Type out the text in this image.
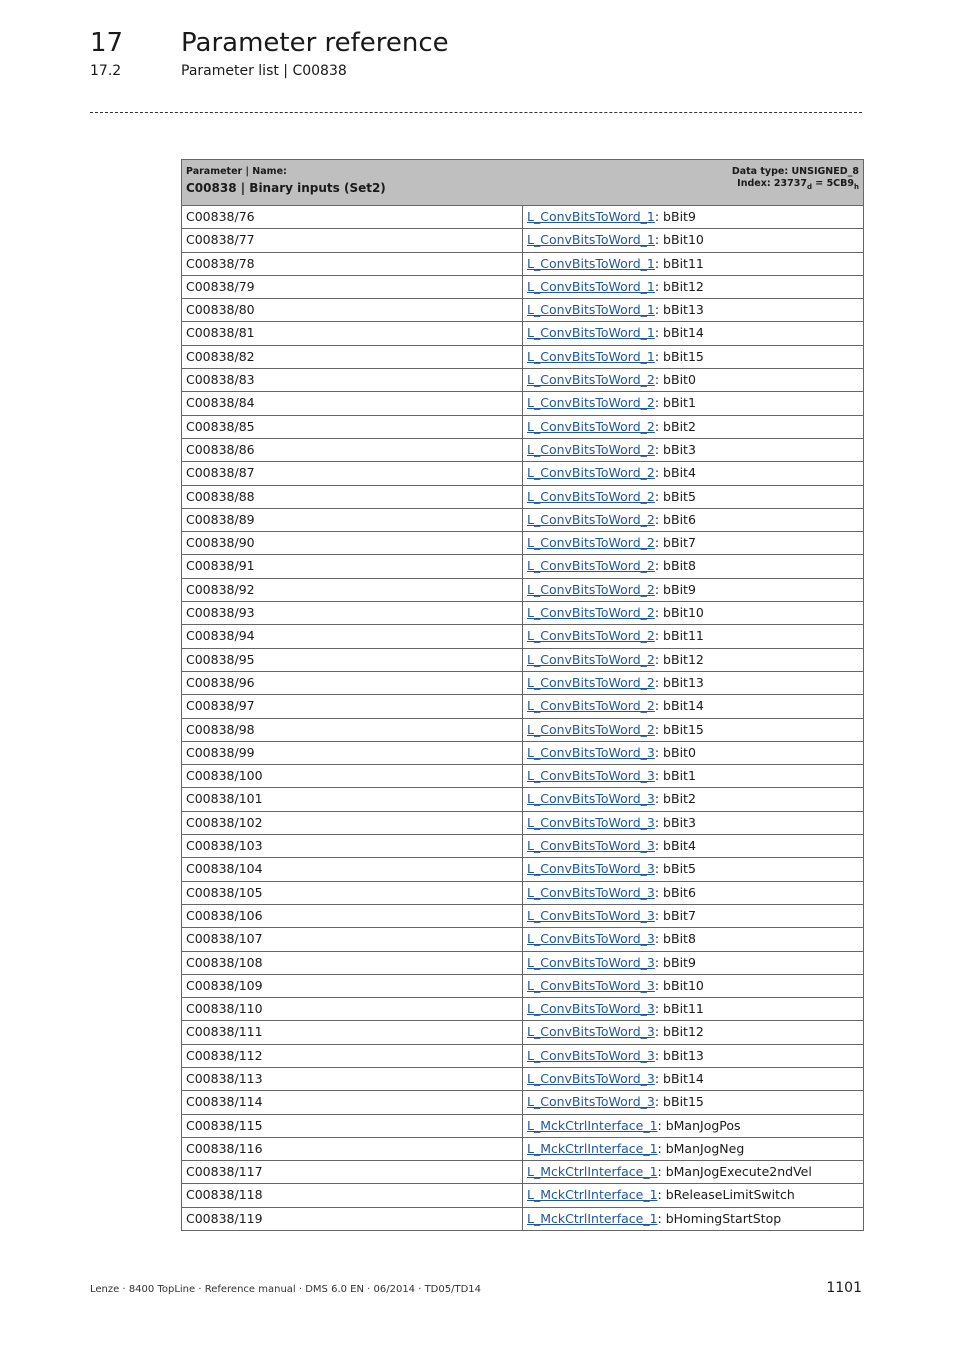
17 Parameter reference
17.2	Parameter list | C00838
Parameter | Name:
C00838 | Binary inputs (Set2)
Data type: UNSIGNED_8
Index: $23737_d = 5CB9_h$

C00838/76	L_ConvBitsToWord_1: bBit9
C00838/77	L_ConvBitsToWord_1: bBit10
C00838/78	L_ConvBitsToWord_1: bBit11
C00838/79	L_ConvBitsToWord_1: bBit12
C00838/80	L_ConvBitsToWord_1: bBit13
C00838/81	L_ConvBitsToWord_1: bBit14
C00838/82	L_ConvBitsToWord_1: bBit15
C00838/83	L_ConvBitsToWord_2: bBit0
C00838/84	L_ConvBitsToWord_2: bBit1
C00838/85	L_ConvBitsToWord_2: bBit2
C00838/86	L_ConvBitsToWord_2: bBit3
C00838/87	L_ConvBitsToWord_2: bBit4
C00838/88	L_ConvBitsToWord_2: bBit5
C00838/89	L_ConvBitsToWord_2: bBit6
C00838/90	L_ConvBitsToWord_2: bBit7
C00838/91	L_ConvBitsToWord_2: bBit8
C00838/92	L_ConvBitsToWord_2: bBit9
C00838/93	L_ConvBitsToWord_2: bBit10
C00838/94	L_ConvBitsToWord_2: bBit11
C00838/95	L_ConvBitsToWord_2: bBit12
C00838/96	L_ConvBitsToWord_2: bBit13
C00838/97	L_ConvBitsToWord_2: bBit14
C00838/98	L_ConvBitsToWord_2: bBit15
C00838/99	L_ConvBitsToWord_3: bBit0
C00838/100	L_ConvBitsToWord_3: bBit1
C00838/101	L_ConvBitsToWord_3: bBit2
C00838/102	L_ConvBitsToWord_3: bBit3
C00838/103	L_ConvBitsToWord_3: bBit4
C00838/104	L_ConvBitsToWord_3: bBit5
C00838/105	L_ConvBitsToWord_3: bBit6
C00838/106	L_ConvBitsToWord_3: bBit7
C00838/107	L_ConvBitsToWord_3: bBit8
C00838/108	L_ConvBitsToWord_3: bBit9
C00838/109	L_ConvBitsToWord_3: bBit10
C00838/110	L_ConvBitsToWord_3: bBit11
C00838/111	L_ConvBitsToWord_3: bBit12
C00838/112	L_ConvBitsToWord_3: bBit13
C00838/113	L_ConvBitsToWord_3: bBit14
C00838/114	L_ConvBitsToWord_3: bBit15
C00838/115	L_MckCtrlInterface_1: bManJogPos
C00838/116	L_MckCtrlInterface_1: bManJogNeg
C00838/117	L_MckCtrlInterface_1: bManJogExecute2ndVel
C00838/118	L_MckCtrlInterface_1: bReleaseLimitSwitch
C00838/119	L_MckCtrlInterface_1: bHomingStartStop
Lenze · 8400 TopLine · Reference manual · DMS 6.0 EN · 06/2014 · TD05/TD14	1101
